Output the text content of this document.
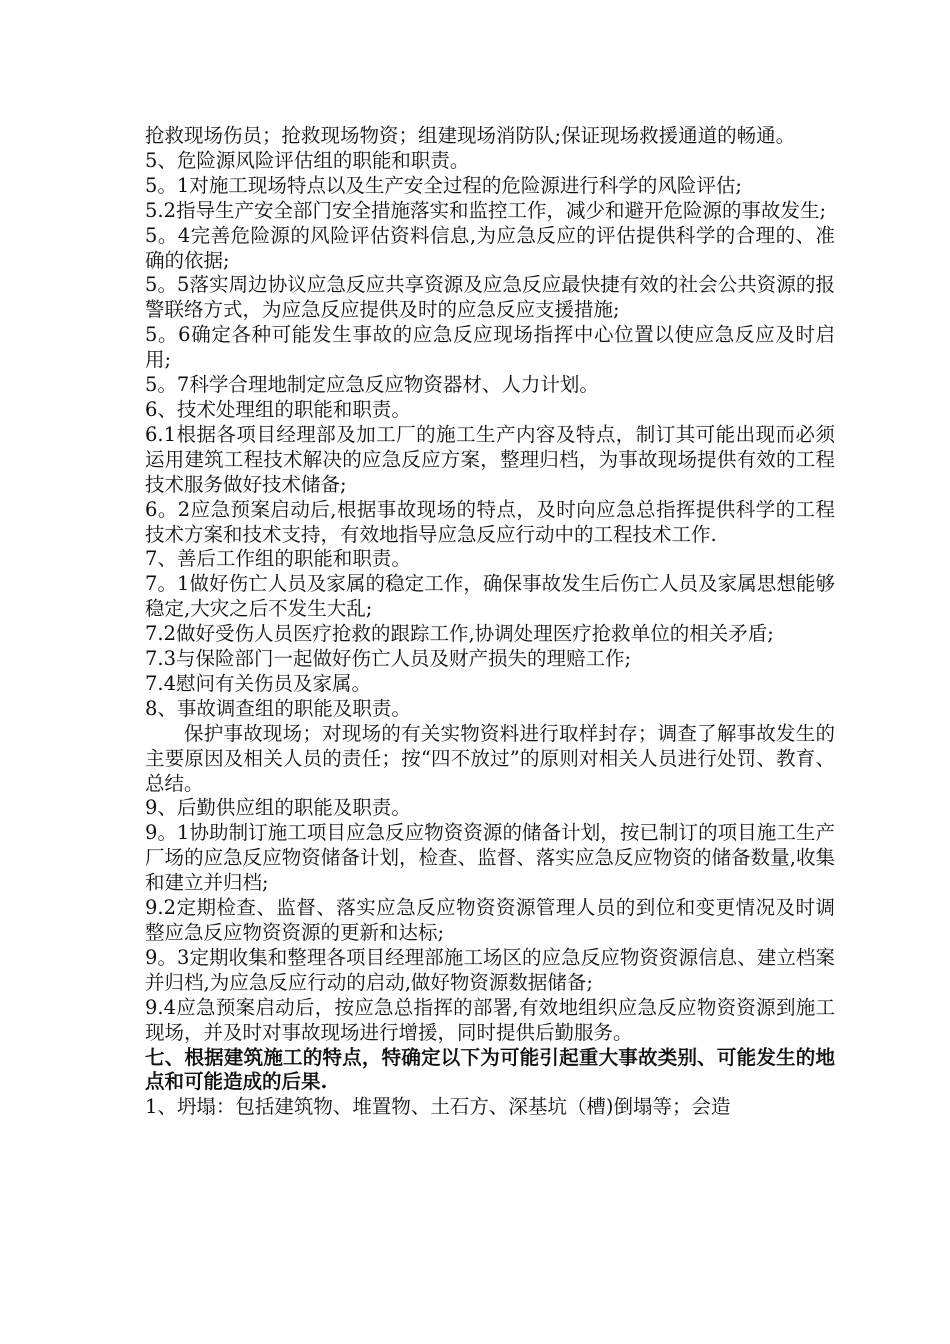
抢救现场伤员；抢救现场物资；组建现场消防队;保证现场救援通道的畅通。

5、危险源风险评估组的职能和职责。

5。1对施工现场特点以及生产安全过程的危险源进行科学的风险评估;

5.2指导生产安全部门安全措施落实和监控工作，减少和避开危险源的事故发生;

5。4完善危险源的风险评估资料信息,为应急反应的评估提供科学的合理的、准确的依据;

5。5落实周边协议应急反应共享资源及应急反应最快捷有效的社会公共资源的报警联络方式，为应急反应提供及时的应急反应支援措施;

5。6确定各种可能发生事故的应急反应现场指挥中心位置以使应急反应及时启用;

5。7科学合理地制定应急反应物资器材、人力计划。

6、技术处理组的职能和职责。

6.1根据各项目经理部及加工厂的施工生产内容及特点，制订其可能出现而必须运用建筑工程技术解决的应急反应方案，整理归档，为事故现场提供有效的工程技术服务做好技术储备;

6。2应急预案启动后,根据事故现场的特点，及时向应急总指挥提供科学的工程技术方案和技术支持，有效地指导应急反应行动中的工程技术工作.

7、善后工作组的职能和职责。

7。1做好伤亡人员及家属的稳定工作，确保事故发生后伤亡人员及家属思想能够稳定,大灾之后不发生大乱;

7.2做好受伤人员医疗抢救的跟踪工作,协调处理医疗抢救单位的相关矛盾;

7.3与保险部门一起做好伤亡人员及财产损失的理赔工作;

7.4慰问有关伤员及家属。

8、事故调查组的职能及职责。

保护事故现场；对现场的有关实物资料进行取样封存；调查了解事故发生的主要原因及相关人员的责任；按“四不放过”的原则对相关人员进行处罚、教育、总结。

9、后勤供应组的职能及职责。

9。1协助制订施工项目应急反应物资资源的储备计划，按已制订的项目施工生产厂场的应急反应物资储备计划，检查、监督、落实应急反应物资的储备数量,收集和建立并归档;

9.2定期检查、监督、落实应急反应物资资源管理人员的到位和变更情况及时调整应急反应物资资源的更新和达标;

9。3定期收集和整理各项目经理部施工场区的应急反应物资资源信息、建立档案并归档,为应急反应行动的启动,做好物资源数据储备;

9.4应急预案启动后，按应急总指挥的部署,有效地组织应急反应物资资源到施工现场，并及时对事故现场进行增援，同时提供后勤服务。

七、根据建筑施工的特点，特确定以下为可能引起重大事故类别、可能发生的地点和可能造成的后果.

1、坍塌：包括建筑物、堆置物、土石方、深基坑（槽)倒塌等；会造
